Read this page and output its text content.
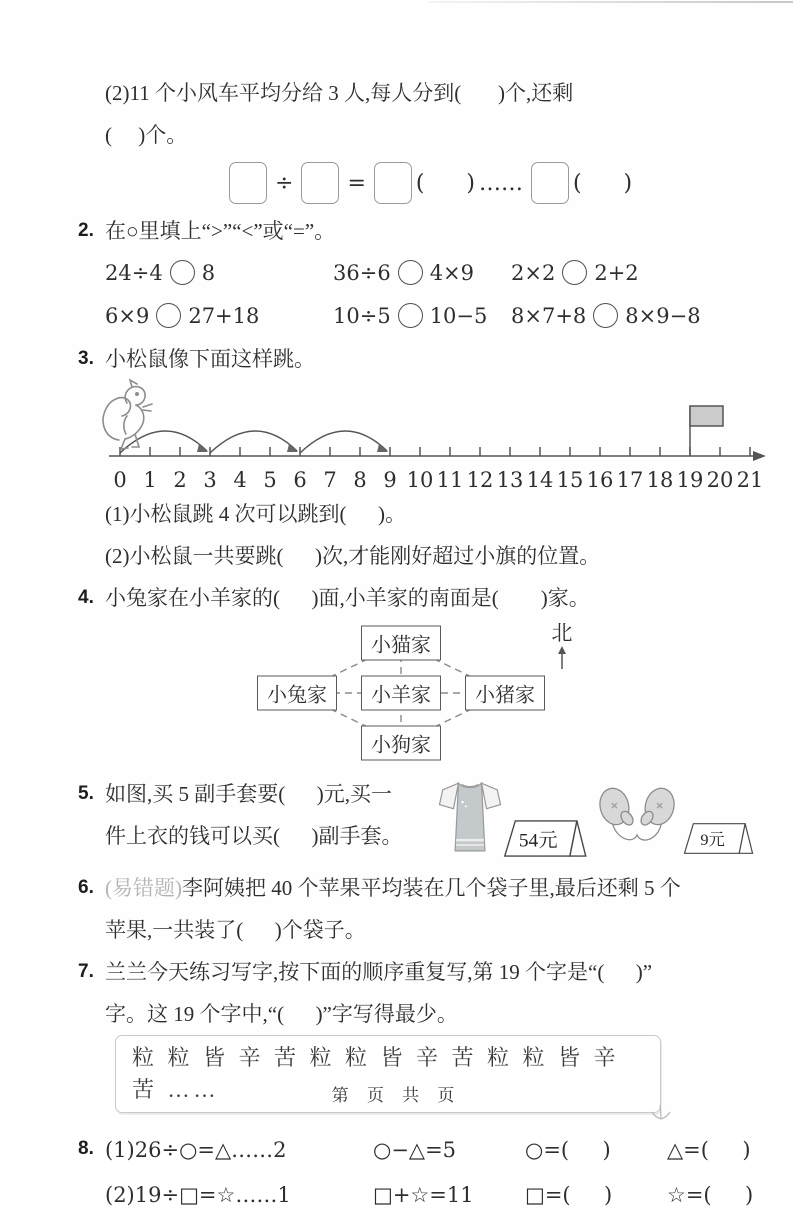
(2)11 个小风车平均分给 3 人,每人分到(       )个,还剩
(     )个。
÷ = (      ) …… (      )
2. 在○里填上“>”“<”或“=”。
24÷4 8	36÷6 4×9	2×2 2+2
6×9 27+18	10÷5 10−5	8×7+8 8×9−8
3. 小松鼠像下面这样跳。
0 1 2 3 4 5 6 7 8 9 10 11 12 13 14 15 16 17 18 19 20 21
(1)小松鼠跳 4 次可以跳到(      )。
(2)小松鼠一共要跳(      )次,才能刚好超过小旗的位置。
4. 小兔家在小羊家的(      )面,小羊家的南面是(        )家。
小猫家
小兔家	小羊家	小猪家
小狗家
北
5. 如图,买 5 副手套要(      )元,买一
件上衣的钱可以买(      )副手套。	54元	9元
6. (易错题)李阿姨把 40 个苹果平均装在几个袋子里,最后还剩 5 个
苹果,一共装了(      )个袋子。
7. 兰兰今天练习写字,按下面的顺序重复写,第 19 个字是“(      )”
字。这 19 个字中,“(      )”字写得最少。
粒 粒 皆 辛 苦 粒 粒 皆 辛 苦 粒 粒 皆 辛 苦 ……
8. (1)26÷○=△……2	○−△=5	○=(     )	△=(     )
(2)19÷□=☆……1	□+☆=11	□=(     )	☆=(     )
第 页 共 页
